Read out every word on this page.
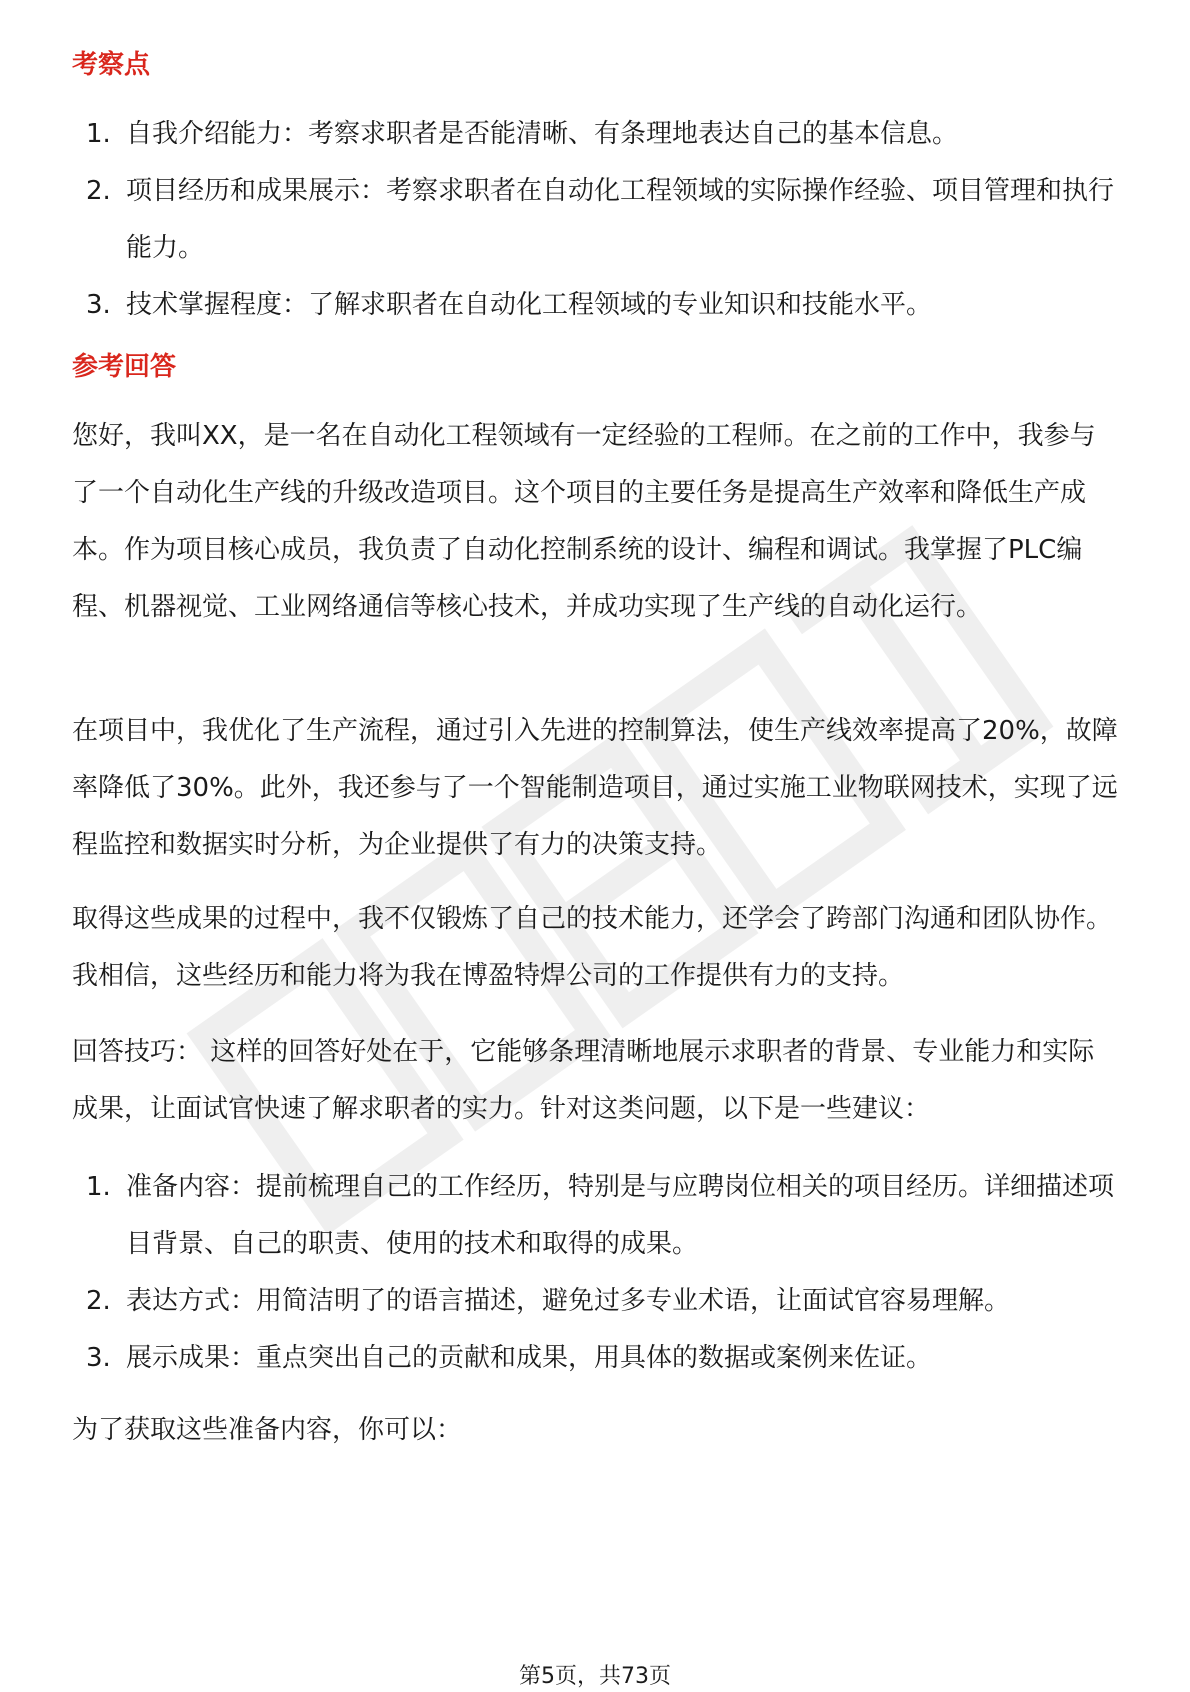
考察点
1. 自我介绍能力：考察求职者是否能清晰、有条理地表达自己的基本信息。
2. 项目经历和成果展示：考察求职者在自动化工程领域的实际操作经验、项目管理和执行能力。
3. 技术掌握程度：了解求职者在自动化工程领域的专业知识和技能水平。
参考回答

您好，我叫XX，是一名在自动化工程领域有一定经验的工程师。在之前的工作中，我参与了一个自动化生产线的升级改造项目。这个项目的主要任务是提高生产效率和降低生产成本。作为项目核心成员，我负责了自动化控制系统的设计、编程和调试。我掌握了PLC编程、机器视觉、工业网络通信等核心技术，并成功实现了生产线的自动化运行。

在项目中，我优化了生产流程，通过引入先进的控制算法，使生产线效率提高了20%，故障率降低了30%。此外，我还参与了一个智能制造项目，通过实施工业物联网技术，实现了远程监控和数据实时分析，为企业提供了有力的决策支持。

取得这些成果的过程中，我不仅锻炼了自己的技术能力，还学会了跨部门沟通和团队协作。我相信，这些经历和能力将为我在博盈特焊公司的工作提供有力的支持。

回答技巧： 这样的回答好处在于，它能够条理清晰地展示求职者的背景、专业能力和实际成果，让面试官快速了解求职者的实力。针对这类问题，以下是一些建议：

1. 准备内容：提前梳理自己的工作经历，特别是与应聘岗位相关的项目经历。详细描述项目背景、自己的职责、使用的技术和取得的成果。
2. 表达方式：用简洁明了的语言描述，避免过多专业术语，让面试官容易理解。
3. 展示成果：重点突出自己的贡献和成果，用具体的数据或案例来佐证。

为了获取这些准备内容，你可以：

第5页，共73页
